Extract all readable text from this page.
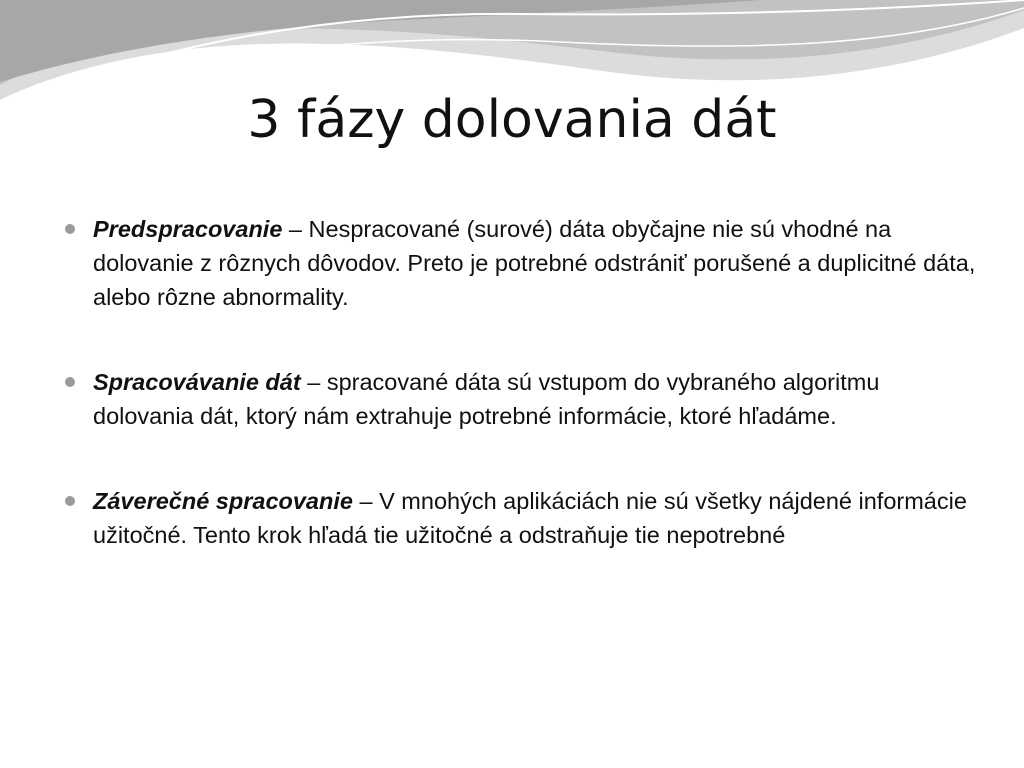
3 fázy dolovania dát
Predspracovanie – Nespracované (surové) dáta obyčajne nie sú vhodné na dolovanie z rôznych dôvodov. Preto je potrebné odstrániť porušené a duplicitné dáta, alebo rôzne abnormality.
Spracovávanie dát – spracované dáta sú vstupom do vybraného algoritmu dolovania dát, ktorý nám extrahuje potrebné informácie, ktoré hľadáme.
Záverečné spracovanie – V mnohých aplikáciách nie sú všetky nájdené informácie užitočné. Tento krok hľadá tie užitočné a odstraňuje tie nepotrebné
